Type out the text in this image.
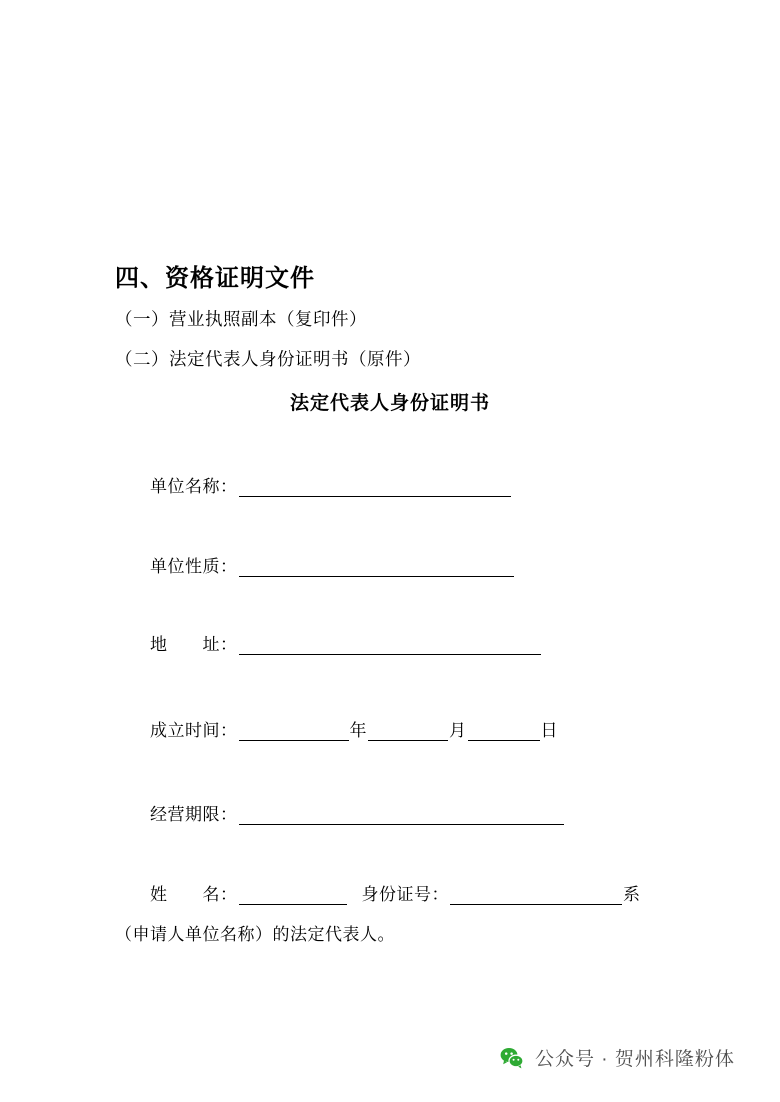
四、资格证明文件
（一）营业执照副本（复印件）
（二）法定代表人身份证明书（原件）
法定代表人身份证明书
单位名称 ：
单位性质 ：
地　　址 ：
成立时间 ：	年	月	日
经营期限 ：
姓　　名 ：	身份证号 ：	系
（申请人单位名称）的法定代表人。
公众号 · 贺州科隆粉体
